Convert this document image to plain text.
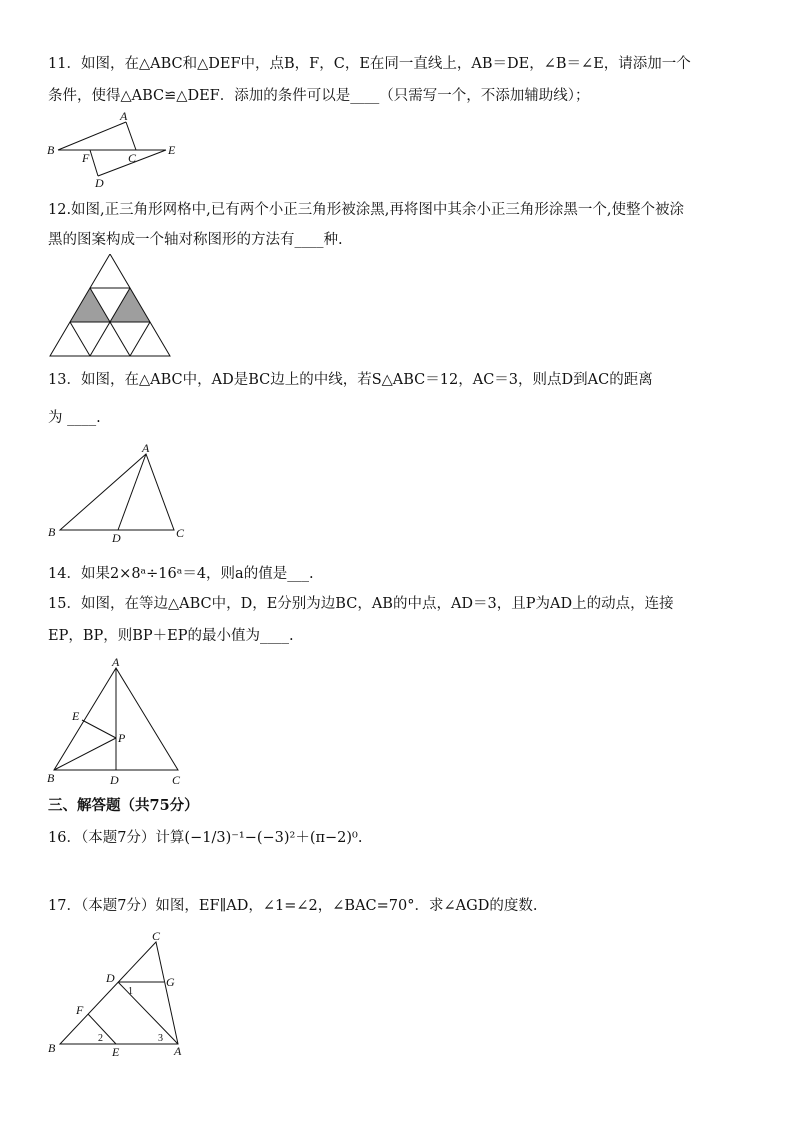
11．如图，在△ABC和△DEF中，点B，F，C，E在同一直线上，AB＝DE，∠B＝∠E，请添加一个
条件，使得△ABC≌△DEF．添加的条件可以是____（只需写一个，不添加辅助线）；
A
B
F	C
E
D
12.如图,正三角形网格中,已有两个小正三角形被涂黑,再将图中其余小正三角形涂黑一个,使整个被涂
黑的图案构成一个轴对称图形的方法有____种.
13．如图，在△ABC中，AD是BC边上的中线，若S△ABC＝12，AC＝3，则点D到AC的距离
为 ____.
A
B	D	C
14．如果2×8ᵃ÷16ᵃ＝4，则a的值是___.
15．如图，在等边△ABC中，D，E分别为边BC，AB的中点，AD＝3，且P为AD上的动点，连接
EP，BP，则BP＋EP的最小值为____.
A
E
P
B	D	C
三、解答题（共75分）
16．（本题7分）计算(−1/3)⁻¹−(−3)²＋(π−2)⁰.
17．（本题7分）如图，EF∥AD，∠1=∠2，∠BAC=70°．求∠AGD的度数.
C
D	G
1
F
B
2
E
3
A
